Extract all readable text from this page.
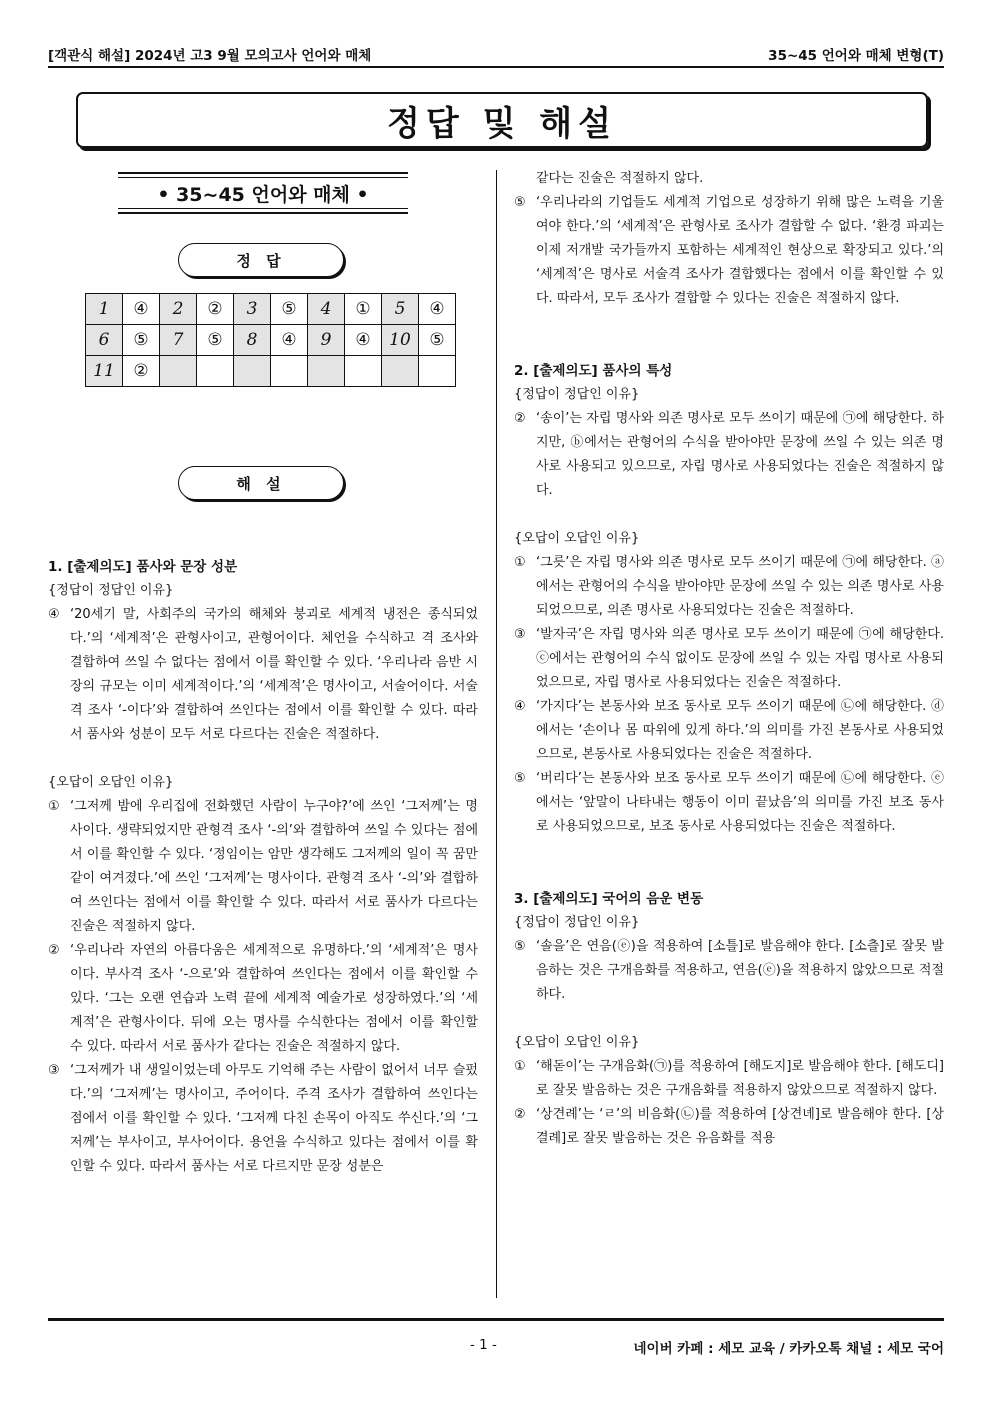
[객관식 해설] 2024년 고3 9월 모의고사 언어와 매체	35~45 언어와 매체 변형(T)
정답 및 해설
• 35~45 언어와 매체 •
정 답
1	④	2	②	3	⑤	4	①	5	④
6	⑤	7	⑤	8	④	9	④	10	⑤
11	②								
해 설

1. [출제의도] 품사와 문장 성분

{정답이 정답인 이유}

④ ‘20세기 말, 사회주의 국가의 해체와 붕괴로 세계적 냉전은 종식되었다.’의 ‘세계적’은 관형사이고, 관형어이다. 체언을 수식하고 격 조사와 결합하여 쓰일 수 없다는 점에서 이를 확인할 수 있다. ‘우리나라 음반 시장의 규모는 이미 세계적이다.’의 ‘세계적’은 명사이고, 서술어이다. 서술격 조사 ‘-이다’와 결합하여 쓰인다는 점에서 이를 확인할 수 있다. 따라서 품사와 성분이 모두 서로 다르다는 진술은 적절하다.

{오답이 오답인 이유}

① ‘그저께 밤에 우리집에 전화했던 사람이 누구야?’에 쓰인 ‘그저께’는 명사이다. 생략되었지만 관형격 조사 ‘-의’와 결합하여 쓰일 수 있다는 점에서 이를 확인할 수 있다. ‘정임이는 암만 생각해도 그저께의 일이 꼭 꿈만 같이 여겨졌다.’에 쓰인 ‘그저께’는 명사이다. 관형격 조사 ‘-의’와 결합하여 쓰인다는 점에서 이를 확인할 수 있다. 따라서 서로 품사가 다르다는 진술은 적절하지 않다.
② ‘우리나라 자연의 아름다움은 세계적으로 유명하다.’의 ‘세계적’은 명사이다. 부사격 조사 ‘-으로’와 결합하여 쓰인다는 점에서 이를 확인할 수 있다. ‘그는 오랜 연습과 노력 끝에 세계적 예술가로 성장하였다.’의 ‘세계적’은 관형사이다. 뒤에 오는 명사를 수식한다는 점에서 이를 확인할 수 있다. 따라서 서로 품사가 같다는 진술은 적절하지 않다.
③ ‘그저께가 내 생일이었는데 아무도 기억해 주는 사람이 없어서 너무 슬펐다.’의 ‘그저께’는 명사이고, 주어이다. 주격 조사가 결합하여 쓰인다는 점에서 이를 확인할 수 있다. ‘그저께 다친 손목이 아직도 쑤신다.’의 ‘그저께’는 부사이고, 부사어이다. 용언을 수식하고 있다는 점에서 이를 확인할 수 있다. 따라서 품사는 서로 다르지만 문장 성분은
같다는 진술은 적절하지 않다.
⑤ ‘우리나라의 기업들도 세계적 기업으로 성장하기 위해 많은 노력을 기울여야 한다.’의 ‘세계적’은 관형사로 조사가 결합할 수 없다. ‘환경 파괴는 이제 저개발 국가들까지 포함하는 세계적인 현상으로 확장되고 있다.’의 ‘세계적’은 명사로 서술격 조사가 결합했다는 점에서 이를 확인할 수 있다. 따라서, 모두 조사가 결합할 수 있다는 진술은 적절하지 않다.

2. [출제의도] 품사의 특성

{정답이 정답인 이유}

② ‘송이’는 자립 명사와 의존 명사로 모두 쓰이기 때문에 ㉠에 해당한다. 하지만, ⓑ에서는 관형어의 수식을 받아야만 문장에 쓰일 수 있는 의존 명사로 사용되고 있으므로, 자립 명사로 사용되었다는 진술은 적절하지 않다.

{오답이 오답인 이유}

① ‘그릇’은 자립 명사와 의존 명사로 모두 쓰이기 때문에 ㉠에 해당한다. ⓐ에서는 관형어의 수식을 받아야만 문장에 쓰일 수 있는 의존 명사로 사용되었으므로, 의존 명사로 사용되었다는 진술은 적절하다.
③ ‘발자국’은 자립 명사와 의존 명사로 모두 쓰이기 때문에 ㉠에 해당한다. ⓒ에서는 관형어의 수식 없이도 문장에 쓰일 수 있는 자립 명사로 사용되었으므로, 자립 명사로 사용되었다는 진술은 적절하다.
④ ‘가지다’는 본동사와 보조 동사로 모두 쓰이기 때문에 ㉡에 해당한다. ⓓ에서는 ‘손이나 몸 따위에 있게 하다.’의 의미를 가진 본동사로 사용되었으므로, 본동사로 사용되었다는 진술은 적절하다.
⑤ ‘버리다’는 본동사와 보조 동사로 모두 쓰이기 때문에 ㉡에 해당한다. ⓔ에서는 ‘앞말이 나타내는 행동이 이미 끝났음’의 의미를 가진 보조 동사로 사용되었으므로, 보조 동사로 사용되었다는 진술은 적절하다.

3. [출제의도] 국어의 음운 변동

{정답이 정답인 이유}

⑤ ‘솔을’은 연음(ⓔ)을 적용하여 [소틀]로 발음해야 한다. [소츨]로 잘못 발음하는 것은 구개음화를 적용하고, 연음(ⓔ)을 적용하지 않았으므로 적절하다.

{오답이 오답인 이유}

① ‘해돋이’는 구개음화(㉠)를 적용하여 [해도지]로 발음해야 한다. [해도디]로 잘못 발음하는 것은 구개음화를 적용하지 않았으므로 적절하지 않다.
② ‘상견례’는 ‘ㄹ’의 비음화(㉡)를 적용하여 [상견녜]로 발음해야 한다. [상결례]로 잘못 발음하는 것은 유음화를 적용
- 1 -	네이버 카페 : 세모 교육 / 카카오톡 채널 : 세모 국어
